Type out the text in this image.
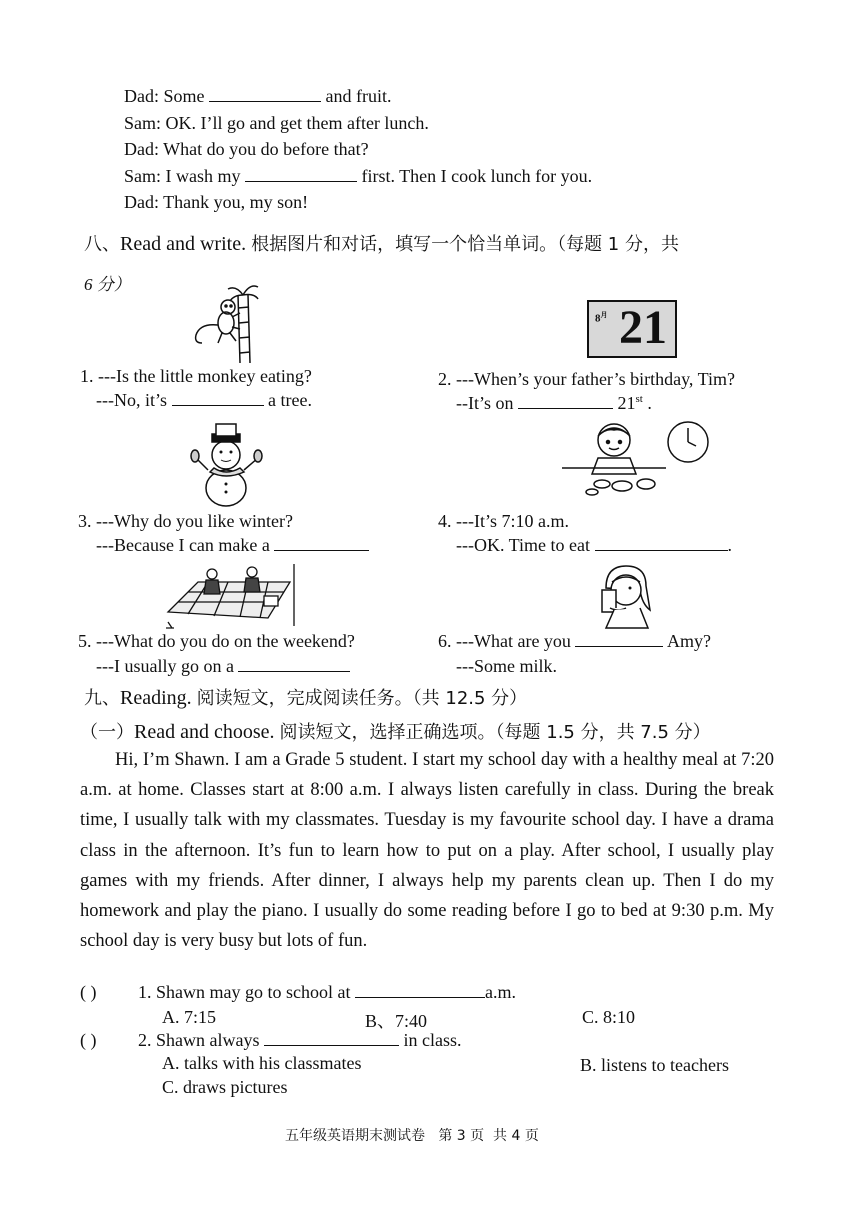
Dad: Some	and fruit.
Sam: OK. I’ll go and get them after lunch.
Dad: What do you do before that?
Sam: I wash my	first. Then I cook lunch for you.
Dad: Thank you, my son!
八、Read and write. 根据图片和对话，填写一个恰当单词。（每题 1 分，共
6 分）
$8^月$ 21
1. ---Is the little monkey eating?
---No, it’s	a tree.
2. ---When’s your father’s birthday, Tim?
--It’s on	21st .
3. ---Why do you like winter?
---Because I can make a
4. ---It’s 7:10 a.m.
---OK. Time to eat	.
5. ---What do you do on the weekend?
---I usually go on a
6. ---What are you	Amy?
---Some milk.
九、Reading. 阅读短文，完成阅读任务。（共 12.5 分）
（一）Read and choose. 阅读短文，选择正确选项。（每题 1.5 分，共 7.5 分）
Hi, I’m Shawn. I am a Grade 5 student. I start my school day with a healthy meal at 7:20 a.m. at home. Classes start at 8:00 a.m. I always listen carefully in class. During the break time, I usually talk with my classmates. Tuesday is my favourite school day. I have a drama class in the afternoon. It’s fun to learn how to put on a play. After school, I usually play games with my friends. After dinner, I always help my parents clean up. Then I do my homework and play the piano. I usually do some reading before I go to bed at 9:30 p.m. My school day is very busy but lots of fun.
( ) 1. Shawn may go to school at	a.m.
A. 7:15	B、7:40	C. 8:10
( ) 2. Shawn always	in class.
A. talks with his classmates	B. listens to teachers
C. draws pictures
五年级英语期末测试卷   第 3 页  共 4 页
